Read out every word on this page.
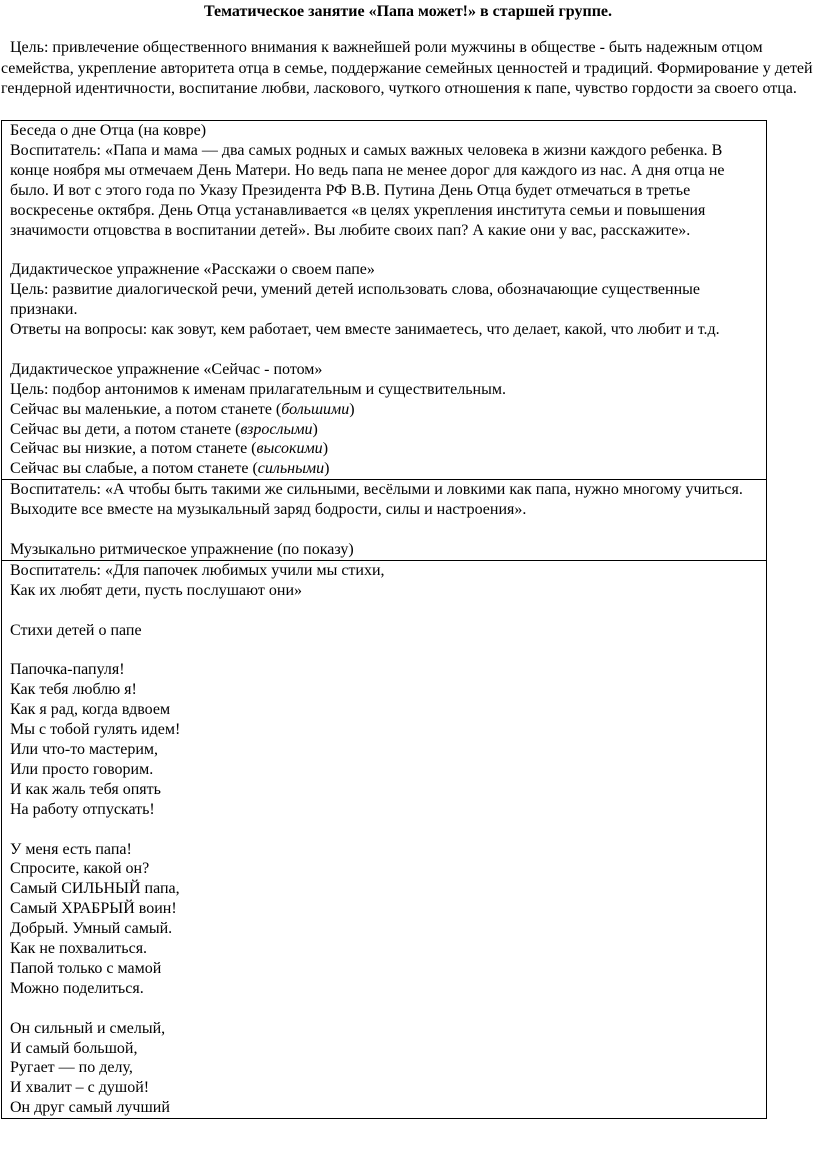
Тематическое занятие «Папа может!» в старшей группе.
Цель: привлечение общественного внимания к важнейшей роли мужчины в обществе - быть надежным отцом семейства, укрепление авторитета отца в семье, поддержание семейных ценностей и традиций. Формирование у детей гендерной идентичности, воспитание любви, ласкового, чуткого отношения к папе, чувство гордости за своего отца.
Беседа о дне Отца (на ковре)
Воспитатель: «Папа и мама — два самых родных и самых важных человека в жизни каждого ребенка. В конце ноября мы отмечаем День Матери. Но ведь папа не менее дорог для каждого из нас. А дня отца не было. И вот с этого года по Указу Президента РФ В.В. Путина День Отца будет отмечаться в третье воскресенье октября. День Отца устанавливается «в целях укрепления института семьи и повышения значимости отцовства в воспитании детей». Вы любите своих пап? А какие они у вас, расскажите».
Дидактическое упражнение «Расскажи о своем папе»
Цель: развитие диалогической речи, умений детей использовать слова, обозначающие существенные признаки.
Ответы на вопросы: как зовут, кем работает, чем вместе занимаетесь, что делает, какой, что любит и т.д.
Дидактическое упражнение «Сейчас - потом»
Цель: подбор антонимов к именам прилагательным и существительным.
Сейчас вы маленькие, а потом станете (большими)
Сейчас вы дети, а потом станете (взрослыми)
Сейчас вы низкие, а потом станете (высокими)
Сейчас вы слабые, а потом станете (сильными)

Воспитатель: «А чтобы быть такими же сильными, весёлыми и ловкими как папа, нужно многому учиться. Выходите все вместе на музыкальный заряд бодрости, силы и настроения».
Музыкально ритмическое упражнение (по показу)

Воспитатель: «Для папочек любимых учили мы стихи,
Как их любят дети, пусть послушают они»
Стихи детей о папе
Папочка-папуля!
Как тебя люблю я!
Как я рад, когда вдвоем
Мы с тобой гулять идем!
Или что-то мастерим,
Или просто говорим.
И как жаль тебя опять
На работу отпускать!
У меня есть папа!
Спросите, какой он?
Самый СИЛЬНЫЙ папа,
Самый ХРАБРЫЙ воин!
Добрый. Умный самый.
Как не похвалиться.
Папой только с мамой
Можно поделиться.
Он сильный и смелый,
И самый большой,
Ругает — по делу,
И хвалит – с душой!
Он друг самый лучший
